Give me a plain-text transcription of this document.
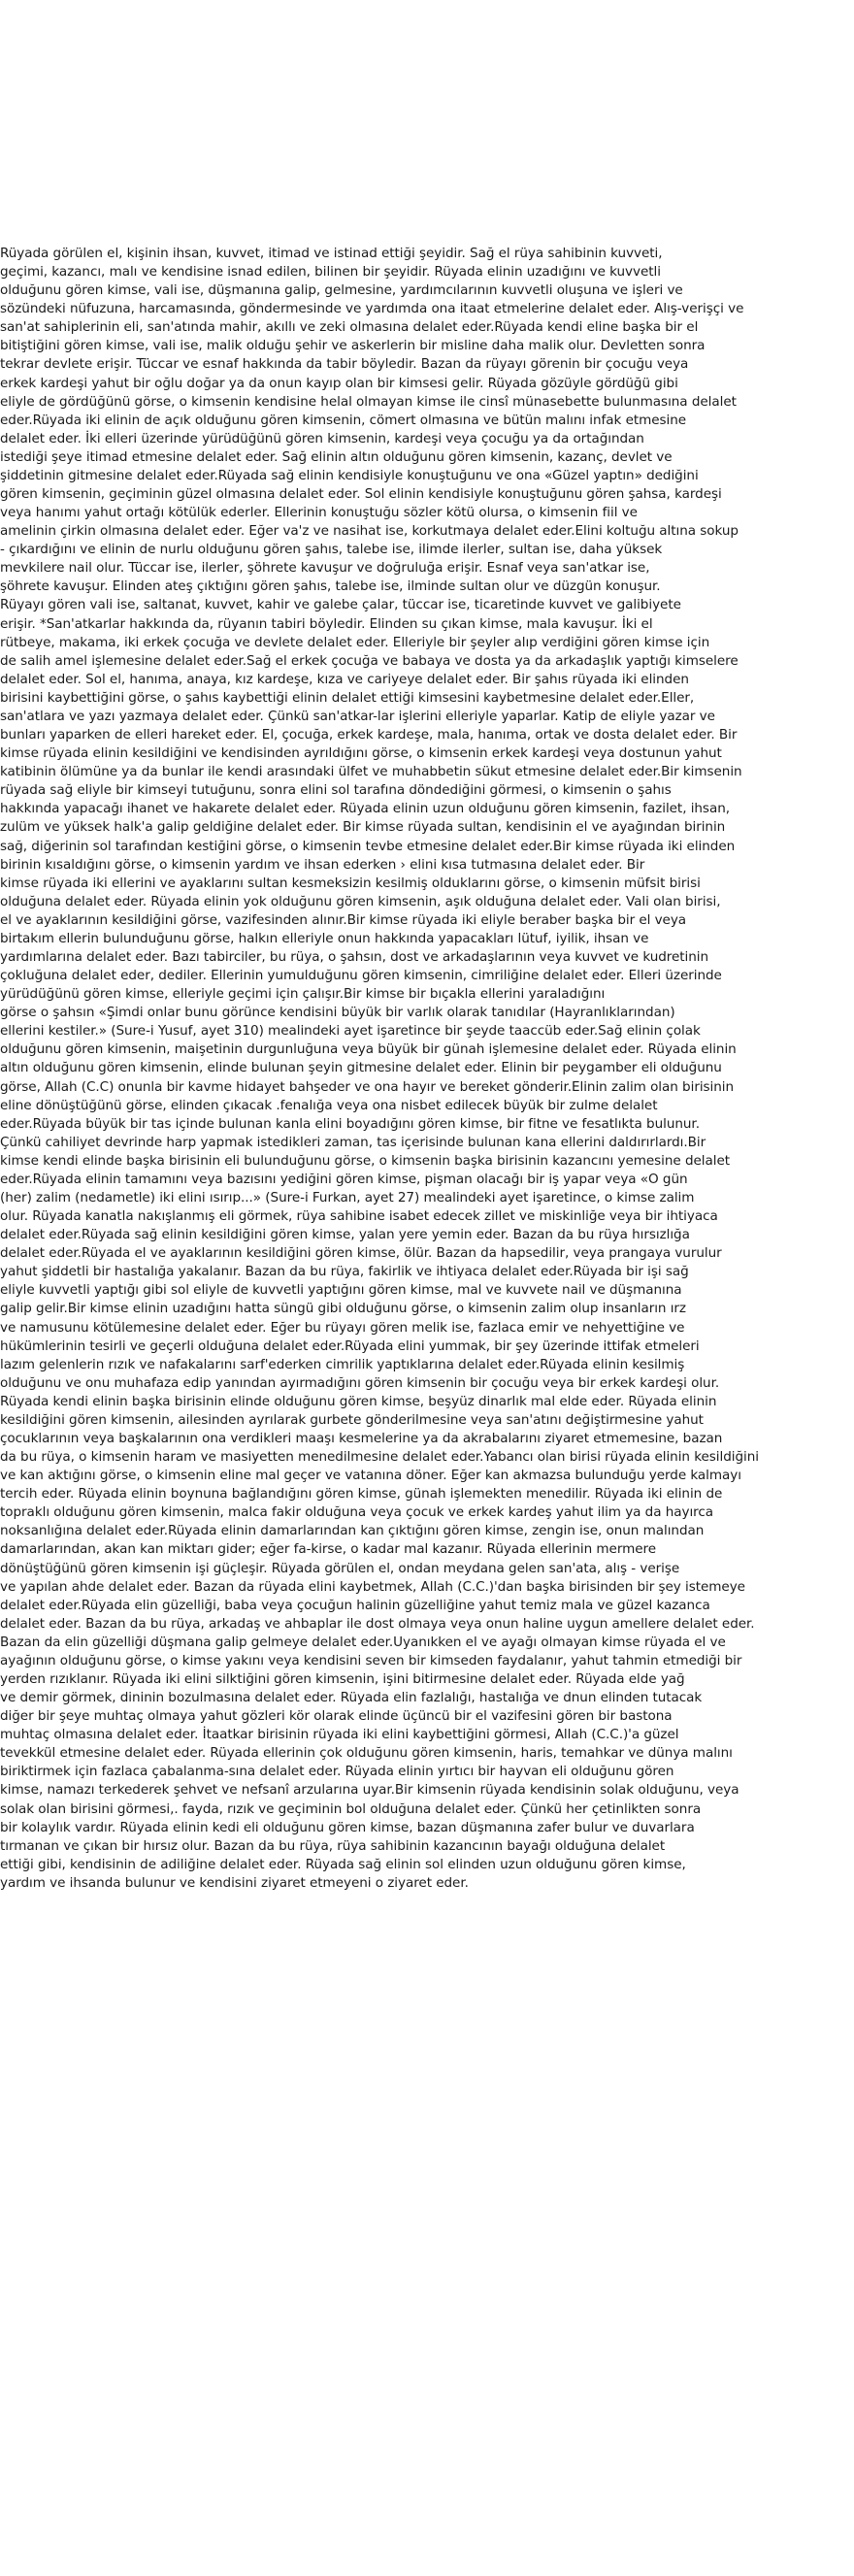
Rüyada görülen el, kişinin ihsan, kuvvet, itimad ve istinad ettiği şeyidir. Sağ el rüya sahibinin kuvveti,
geçimi, kazancı, malı ve kendisine isnad edilen, bilinen bir şeyidir. Rüyada elinin uzadığını ve kuvvetli
olduğunu gören kimse, vali ise, düşmanına galip, gelmesine, yardımcılarının kuvvetli oluşuna ve işleri ve
sözündeki nüfuzuna, harcamasında, göndermesinde ve yardımda ona itaat etmelerine delalet eder. Alış-verişçi ve
san'at sahiplerinin eli, san'atında mahir, akıllı ve zeki olmasına delalet eder.Rüyada kendi eline başka bir el
bitiştiğini gören kimse, vali ise, malik olduğu şehir ve askerlerin bir misline daha malik olur. Devletten sonra
tekrar devlete erişir. Tüccar ve esnaf hakkında da tabir böyledir. Bazan da rüyayı görenin bir çocuğu veya
erkek kardeşi yahut bir oğlu doğar ya da onun kayıp olan bir kimsesi gelir. Rüyada gözüyle gördüğü gibi
eliyle de gördüğünü görse, o kimsenin kendisine helal olmayan kimse ile cinsî münasebette bulunmasına delalet
eder.Rüyada iki elinin de açık olduğunu gören kimsenin, cömert olmasına ve bütün malını infak etmesine
delalet eder. İki elleri üzerinde yürüdüğünü gören kimsenin, kardeşi veya çocuğu ya da ortağından
istediği şeye itimad etmesine delalet eder. Sağ elinin altın olduğunu gören kimsenin, kazanç, devlet ve
şiddetinin gitmesine delalet eder.Rüyada sağ elinin kendisiyle konuştuğunu ve ona «Güzel yaptın» dediğini
gören kimsenin, geçiminin güzel olmasına delalet eder. Sol elinin kendisiyle konuştuğunu gören şahsa, kardeşi
veya hanımı yahut ortağı kötülük ederler. Ellerinin konuştuğu sözler kötü olursa, o kimsenin fiil ve
amelinin çirkin olmasına delalet eder. Eğer va'z ve nasihat ise, korkutmaya delalet eder.Elini koltuğu altına sokup
- çıkardığını ve elinin de nurlu olduğunu gören şahıs, talebe ise, ilimde ilerler, sultan ise, daha yüksek
mevkilere nail olur. Tüccar ise, ilerler, şöhrete kavuşur ve doğruluğa erişir. Esnaf veya san'atkar ise,
şöhrete kavuşur. Elinden ateş çıktığını gören şahıs, talebe ise, ilminde sultan olur ve düzgün konuşur.
Rüyayı gören vali ise, saltanat, kuvvet, kahir ve galebe çalar, tüccar ise, ticaretinde kuvvet ve galibiyete
erişir. *San'atkarlar hakkında da, rüyanın tabiri böyledir. Elinden su çıkan kimse, mala kavuşur. İki el
rütbeye, makama, iki erkek çocuğa ve devlete delalet eder. Elleriyle bir şeyler alıp verdiğini gören kimse için
de salih amel işlemesine delalet eder.Sağ el erkek çocuğa ve babaya ve dosta ya da arkadaşlık yaptığı kimselere
delalet eder. Sol el, hanıma, anaya, kız kardeşe, kıza ve cariyeye delalet eder. Bir şahıs rüyada iki elinden
birisini kaybettiğini görse, o şahıs kaybettiği elinin delalet ettiği kimsesini kaybetmesine delalet eder.Eller,
san'atlara ve yazı yazmaya delalet eder. Çünkü san'atkar-lar işlerini elleriyle yaparlar. Katip de eliyle yazar ve
bunları yaparken de elleri hareket eder. El, çocuğa, erkek kardeşe, mala, hanıma, ortak ve dosta delalet eder. Bir
kimse rüyada elinin kesildiğini ve kendisinden ayrıldığını görse, o kimsenin erkek kardeşi veya dostunun yahut
katibinin ölümüne ya da bunlar ile kendi arasındaki ülfet ve muhabbetin sükut etmesine delalet eder.Bir kimsenin
rüyada sağ eliyle bir kimseyi tutuğunu, sonra elini sol tarafına döndediğini görmesi, o kimsenin o şahıs
hakkında yapacağı ihanet ve hakarete delalet eder. Rüyada elinin uzun olduğunu gören kimsenin, fazilet, ihsan,
zulüm ve yüksek halk'a galip geldiğine delalet eder. Bir kimse rüyada sultan, kendisinin el ve ayağından birinin
sağ, diğerinin sol tarafından kestiğini görse, o kimsenin tevbe etmesine delalet eder.Bir kimse rüyada iki elinden
birinin kısaldığını görse, o kimsenin yardım ve ihsan ederken › elini kısa tutmasına delalet eder. Bir
kimse rüyada iki ellerini ve ayaklarını sultan kesmeksizin kesilmiş olduklarını görse, o kimsenin müfsit birisi
olduğuna delalet eder. Rüyada elinin yok olduğunu gören kimsenin, aşık olduğuna delalet eder. Vali olan birisi,
el ve ayaklarının kesildiğini görse, vazifesinden alınır.Bir kimse rüyada iki eliyle beraber başka bir el veya
birtakım ellerin bulunduğunu görse, halkın elleriyle onun hakkında yapacakları lütuf, iyilik, ihsan ve
yardımlarına delalet eder. Bazı tabirciler, bu rüya, o şahsın, dost ve arkadaşlarının veya kuvvet ve kudretinin
çokluğuna delalet eder, dediler. Ellerinin yumulduğunu gören kimsenin, cimriliğine delalet eder. Elleri üzerinde
yürüdüğünü gören kimse, elleriyle geçimi için çalışır.Bir kimse bir bıçakla ellerini yaraladığını
görse o şahsın «Şimdi onlar bunu görünce kendisini büyük bir varlık olarak tanıdılar (Hayranlıklarından)
ellerini kestiler.» (Sure-i Yusuf, ayet 310) mealindeki ayet işaretince bir şeyde taaccüb eder.Sağ elinin çolak
olduğunu gören kimsenin, maişetinin durgunluğuna veya büyük bir günah işlemesine delalet eder. Rüyada elinin
altın olduğunu gören kimsenin, elinde bulunan şeyin gitmesine delalet eder. Elinin bir peygamber eli olduğunu
görse, Allah (C.C) onunla bir kavme hidayet bahşeder ve ona hayır ve bereket gönderir.Elinin zalim olan birisinin
eline dönüştüğünü görse, elinden çıkacak .fenalığa veya ona nisbet edilecek büyük bir zulme delalet
eder.Rüyada büyük bir tas içinde bulunan kanla elini boyadığını gören kimse, bir fitne ve fesatlıkta bulunur.
Çünkü cahiliyet devrinde harp yapmak istedikleri zaman, tas içerisinde bulunan kana ellerini daldırırlardı.Bir
kimse kendi elinde başka birisinin eli bulunduğunu görse, o kimsenin başka birisinin kazancını yemesine delalet
eder.Rüyada elinin tamamını veya bazısını yediğini gören kimse, pişman olacağı bir iş yapar veya «O gün
(her) zalim (nedametle) iki elini ısırıp...» (Sure-i Furkan, ayet 27) mealindeki ayet işaretince, o kimse zalim
olur. Rüyada kanatla nakışlanmış eli görmek, rüya sahibine isabet edecek zillet ve miskinliğe veya bir ihtiyaca
delalet eder.Rüyada sağ elinin kesildiğini gören kimse, yalan yere yemin eder. Bazan da bu rüya hırsızlığa
delalet eder.Rüyada el ve ayaklarının kesildiğini gören kimse, ölür. Bazan da hapsedilir, veya prangaya vurulur
yahut şiddetli bir hastalığa yakalanır. Bazan da bu rüya, fakirlik ve ihtiyaca delalet eder.Rüyada bir işi sağ
eliyle kuvvetli yaptığı gibi sol eliyle de kuvvetli yaptığını gören kimse, mal ve kuvvete nail ve düşmanına
galip gelir.Bir kimse elinin uzadığını hatta süngü gibi olduğunu görse, o kimsenin zalim olup insanların ırz
ve namusunu kötülemesine delalet eder. Eğer bu rüyayı gören melik ise, fazlaca emir ve nehyettiğine ve
hükümlerinin tesirli ve geçerli olduğuna delalet eder.Rüyada elini yummak, bir şey üzerinde ittifak etmeleri
lazım gelenlerin rızık ve nafakalarını sarf'ederken cimrilik yaptıklarına delalet eder.Rüyada elinin kesilmiş
olduğunu ve onu muhafaza edip yanından ayırmadığını gören kimsenin bir çocuğu veya bir erkek kardeşi olur.
Rüyada kendi elinin başka birisinin elinde olduğunu gören kimse, beşyüz dinarlık mal elde eder. Rüyada elinin
kesildiğini gören kimsenin, ailesinden ayrılarak gurbete gönderilmesine veya san'atını değiştirmesine yahut
çocuklarının veya başkalarının ona verdikleri maaşı kesmelerine ya da akrabalarını ziyaret etmemesine, bazan
da bu rüya, o kimsenin haram ve masiyetten menedilmesine delalet eder.Yabancı olan birisi rüyada elinin kesildiğini
ve kan aktığını görse, o kimsenin eline mal geçer ve vatanına döner. Eğer kan akmazsa bulunduğu yerde kalmayı
tercih eder. Rüyada elinin boynuna bağlandığını gören kimse, günah işlemekten menedilir. Rüyada iki elinin de
topraklı olduğunu gören kimsenin, malca fakir olduğuna veya çocuk ve erkek kardeş yahut ilim ya da hayırca
noksanlığına delalet eder.Rüyada elinin damarlarından kan çıktığını gören kimse, zengin ise, onun malından
damarlarından, akan kan miktarı gider; eğer fa-kirse, o kadar mal kazanır. Rüyada ellerinin mermere
dönüştüğünü gören kimsenin işi güçleşir. Rüyada görülen el, ondan meydana gelen san'ata, alış - verişe
ve yapılan ahde delalet eder. Bazan da rüyada elini kaybetmek, Allah (C.C.)'dan başka birisinden bir şey istemeye
delalet eder.Rüyada elin güzelliği, baba veya çocuğun halinin güzelliğine yahut temiz mala ve güzel kazanca
delalet eder. Bazan da bu rüya, arkadaş ve ahbaplar ile dost olmaya veya onun haline uygun amellere delalet eder.
Bazan da elin güzelliği düşmana galip gelmeye delalet eder.Uyanıkken el ve ayağı olmayan kimse rüyada el ve
ayağının olduğunu görse, o kimse yakını veya kendisini seven bir kimseden faydalanır, yahut tahmin etmediği bir
yerden rızıklanır. Rüyada iki elini silktiğini gören kimsenin, işini bitirmesine delalet eder. Rüyada elde yağ
ve demir görmek, dininin bozulmasına delalet eder. Rüyada elin fazlalığı, hastalığa ve dnun elinden tutacak
diğer bir şeye muhtaç olmaya yahut gözleri kör olarak elinde üçüncü bir el vazifesini gören bir bastona
muhtaç olmasına delalet eder. İtaatkar birisinin rüyada iki elini kaybettiğini görmesi, Allah (C.C.)'a güzel
tevekkül etmesine delalet eder. Rüyada ellerinin çok olduğunu gören kimsenin, haris, temahkar ve dünya malını
biriktirmek için fazlaca çabalanma-sına delalet eder. Rüyada elinin yırtıcı bir hayvan eli olduğunu gören
kimse, namazı terkederek şehvet ve nefsanî arzularına uyar.Bir kimsenin rüyada kendisinin solak olduğunu, veya
solak olan birisini görmesi,. fayda, rızık ve geçiminin bol olduğuna delalet eder. Çünkü her çetinlikten sonra
bir kolaylık vardır. Rüyada elinin kedi eli olduğunu gören kimse, bazan düşmanına zafer bulur ve duvarlara
tırmanan ve çıkan bir hırsız olur. Bazan da bu rüya, rüya sahibinin kazancının bayağı olduğuna delalet
ettiği gibi, kendisinin de adiliğine delalet eder. Rüyada sağ elinin sol elinden uzun olduğunu gören kimse,
yardım ve ihsanda bulunur ve kendisini ziyaret etmeyeni o ziyaret eder.
